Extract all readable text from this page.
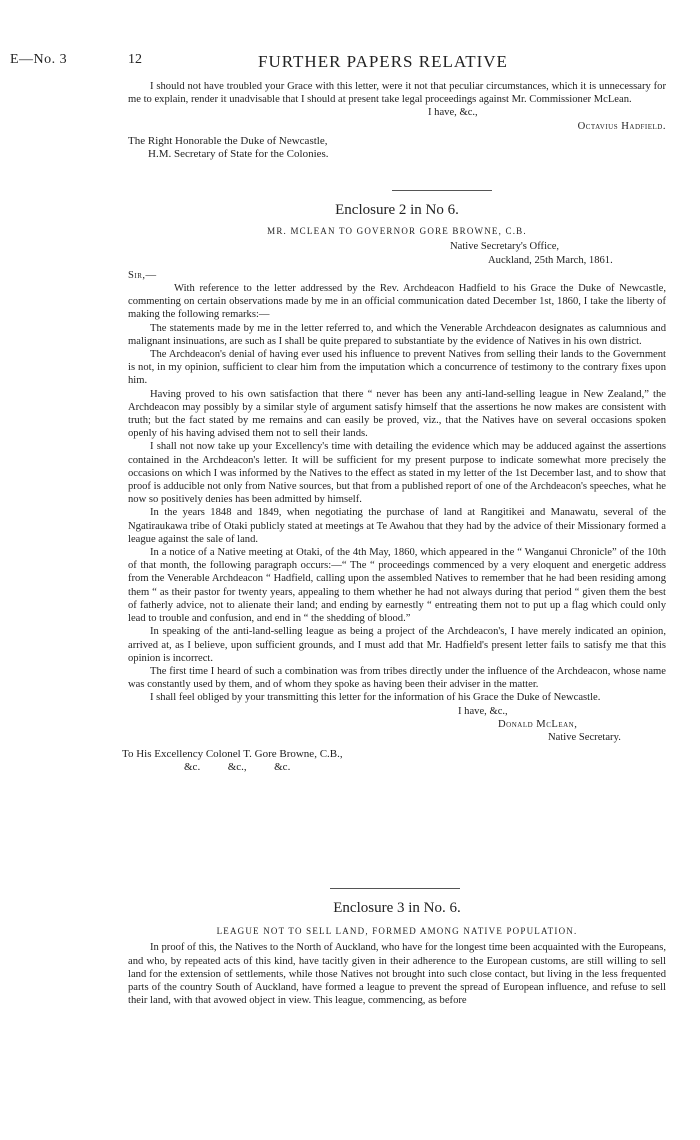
E—No. 3	12	FURTHER PAPERS RELATIVE

I should not have troubled your Grace with this letter, were it not that peculiar circumstances, which it is unnecessary for me to explain, render it unadvisable that I should at present take legal proceedings against Mr. Commissioner McLean.

I have, &c.,
Octavius Hadfield.
The Right Honorable the Duke of Newcastle,
H.M. Secretary of State for the Colonies.
Enclosure 2 in No 6.
MR. MCLEAN TO GOVERNOR GORE BROWNE, C.B.
Native Secretary's Office,
Auckland, 25th March, 1861.
Sir,—

With reference to the letter addressed by the Rev. Archdeacon Hadfield to his Grace the Duke of Newcastle, commenting on certain observations made by me in an official communication dated December 1st, 1860, I take the liberty of making the following remarks:—

The statements made by me in the letter referred to, and which the Venerable Archdeacon designates as calumnious and malignant insinuations, are such as I shall be quite prepared to substantiate by the evidence of Natives in his own district.

The Archdeacon's denial of having ever used his influence to prevent Natives from selling their lands to the Government is not, in my opinion, sufficient to clear him from the imputation which a concurrence of testimony to the contrary fixes upon him.

Having proved to his own satisfaction that there “ never has been any anti-land-selling league in New Zealand,” the Archdeacon may possibly by a similar style of argument satisfy himself that the assertions he now makes are consistent with truth; but the fact stated by me remains and can easily be proved, viz., that the Natives have on several occasions spoken openly of his having advised them not to sell their lands.

I shall not now take up your Excellency's time with detailing the evidence which may be adduced against the assertions contained in the Archdeacon's letter. It will be sufficient for my present purpose to indicate somewhat more precisely the occasions on which I was informed by the Natives to the effect as stated in my letter of the 1st December last, and to show that proof is adducible not only from Native sources, but that from a published report of one of the Archdeacon's speeches, what he now so positively denies has been admitted by himself.

In the years 1848 and 1849, when negotiating the purchase of land at Rangitikei and Manawatu, several of the Ngatiraukawa tribe of Otaki publicly stated at meetings at Te Awahou that they had by the advice of their Missionary formed a league against the sale of land.

In a notice of a Native meeting at Otaki, of the 4th May, 1860, which appeared in the “ Wanganui Chronicle” of the 10th of that month, the following paragraph occurs:—“ The “ proceedings commenced by a very eloquent and energetic address from the Venerable Archdeacon “ Hadfield, calling upon the assembled Natives to remember that he had been residing among them “ as their pastor for twenty years, appealing to them whether he had not always during that period “ given them the best of fatherly advice, not to alienate their land; and ending by earnestly “ entreating them not to put up a flag which could only lead to trouble and confusion, and end in “ the shedding of blood.”

In speaking of the anti-land-selling league as being a project of the Archdeacon's, I have merely indicated an opinion, arrived at, as I believe, upon sufficient grounds, and I must add that Mr. Hadfield's present letter fails to satisfy me that this opinion is incorrect.

The first time I heard of such a combination was from tribes directly under the influence of the Archdeacon, whose name was constantly used by them, and of whom they spoke as having been their adviser in the matter.

I shall feel obliged by your transmitting this letter for the information of his Grace the Duke of Newcastle.

I have, &c.,
Donald McLean,
Native Secretary.
To His Excellency Colonel T. Gore Browne, C.B.,
&c.          &c.,          &c.
Enclosure 3 in No. 6.
LEAGUE NOT TO SELL LAND, FORMED AMONG NATIVE POPULATION.

In proof of this, the Natives to the North of Auckland, who have for the longest time been acquainted with the Europeans, and who, by repeated acts of this kind, have tacitly given in their adherence to the European customs, are still willing to sell land for the extension of settlements, while those Natives not brought into such close contact, but living in the less frequented parts of the country South of Auckland, have formed a league to prevent the spread of European influence, and refuse to sell their land, with that avowed object in view. This league, commencing, as before
